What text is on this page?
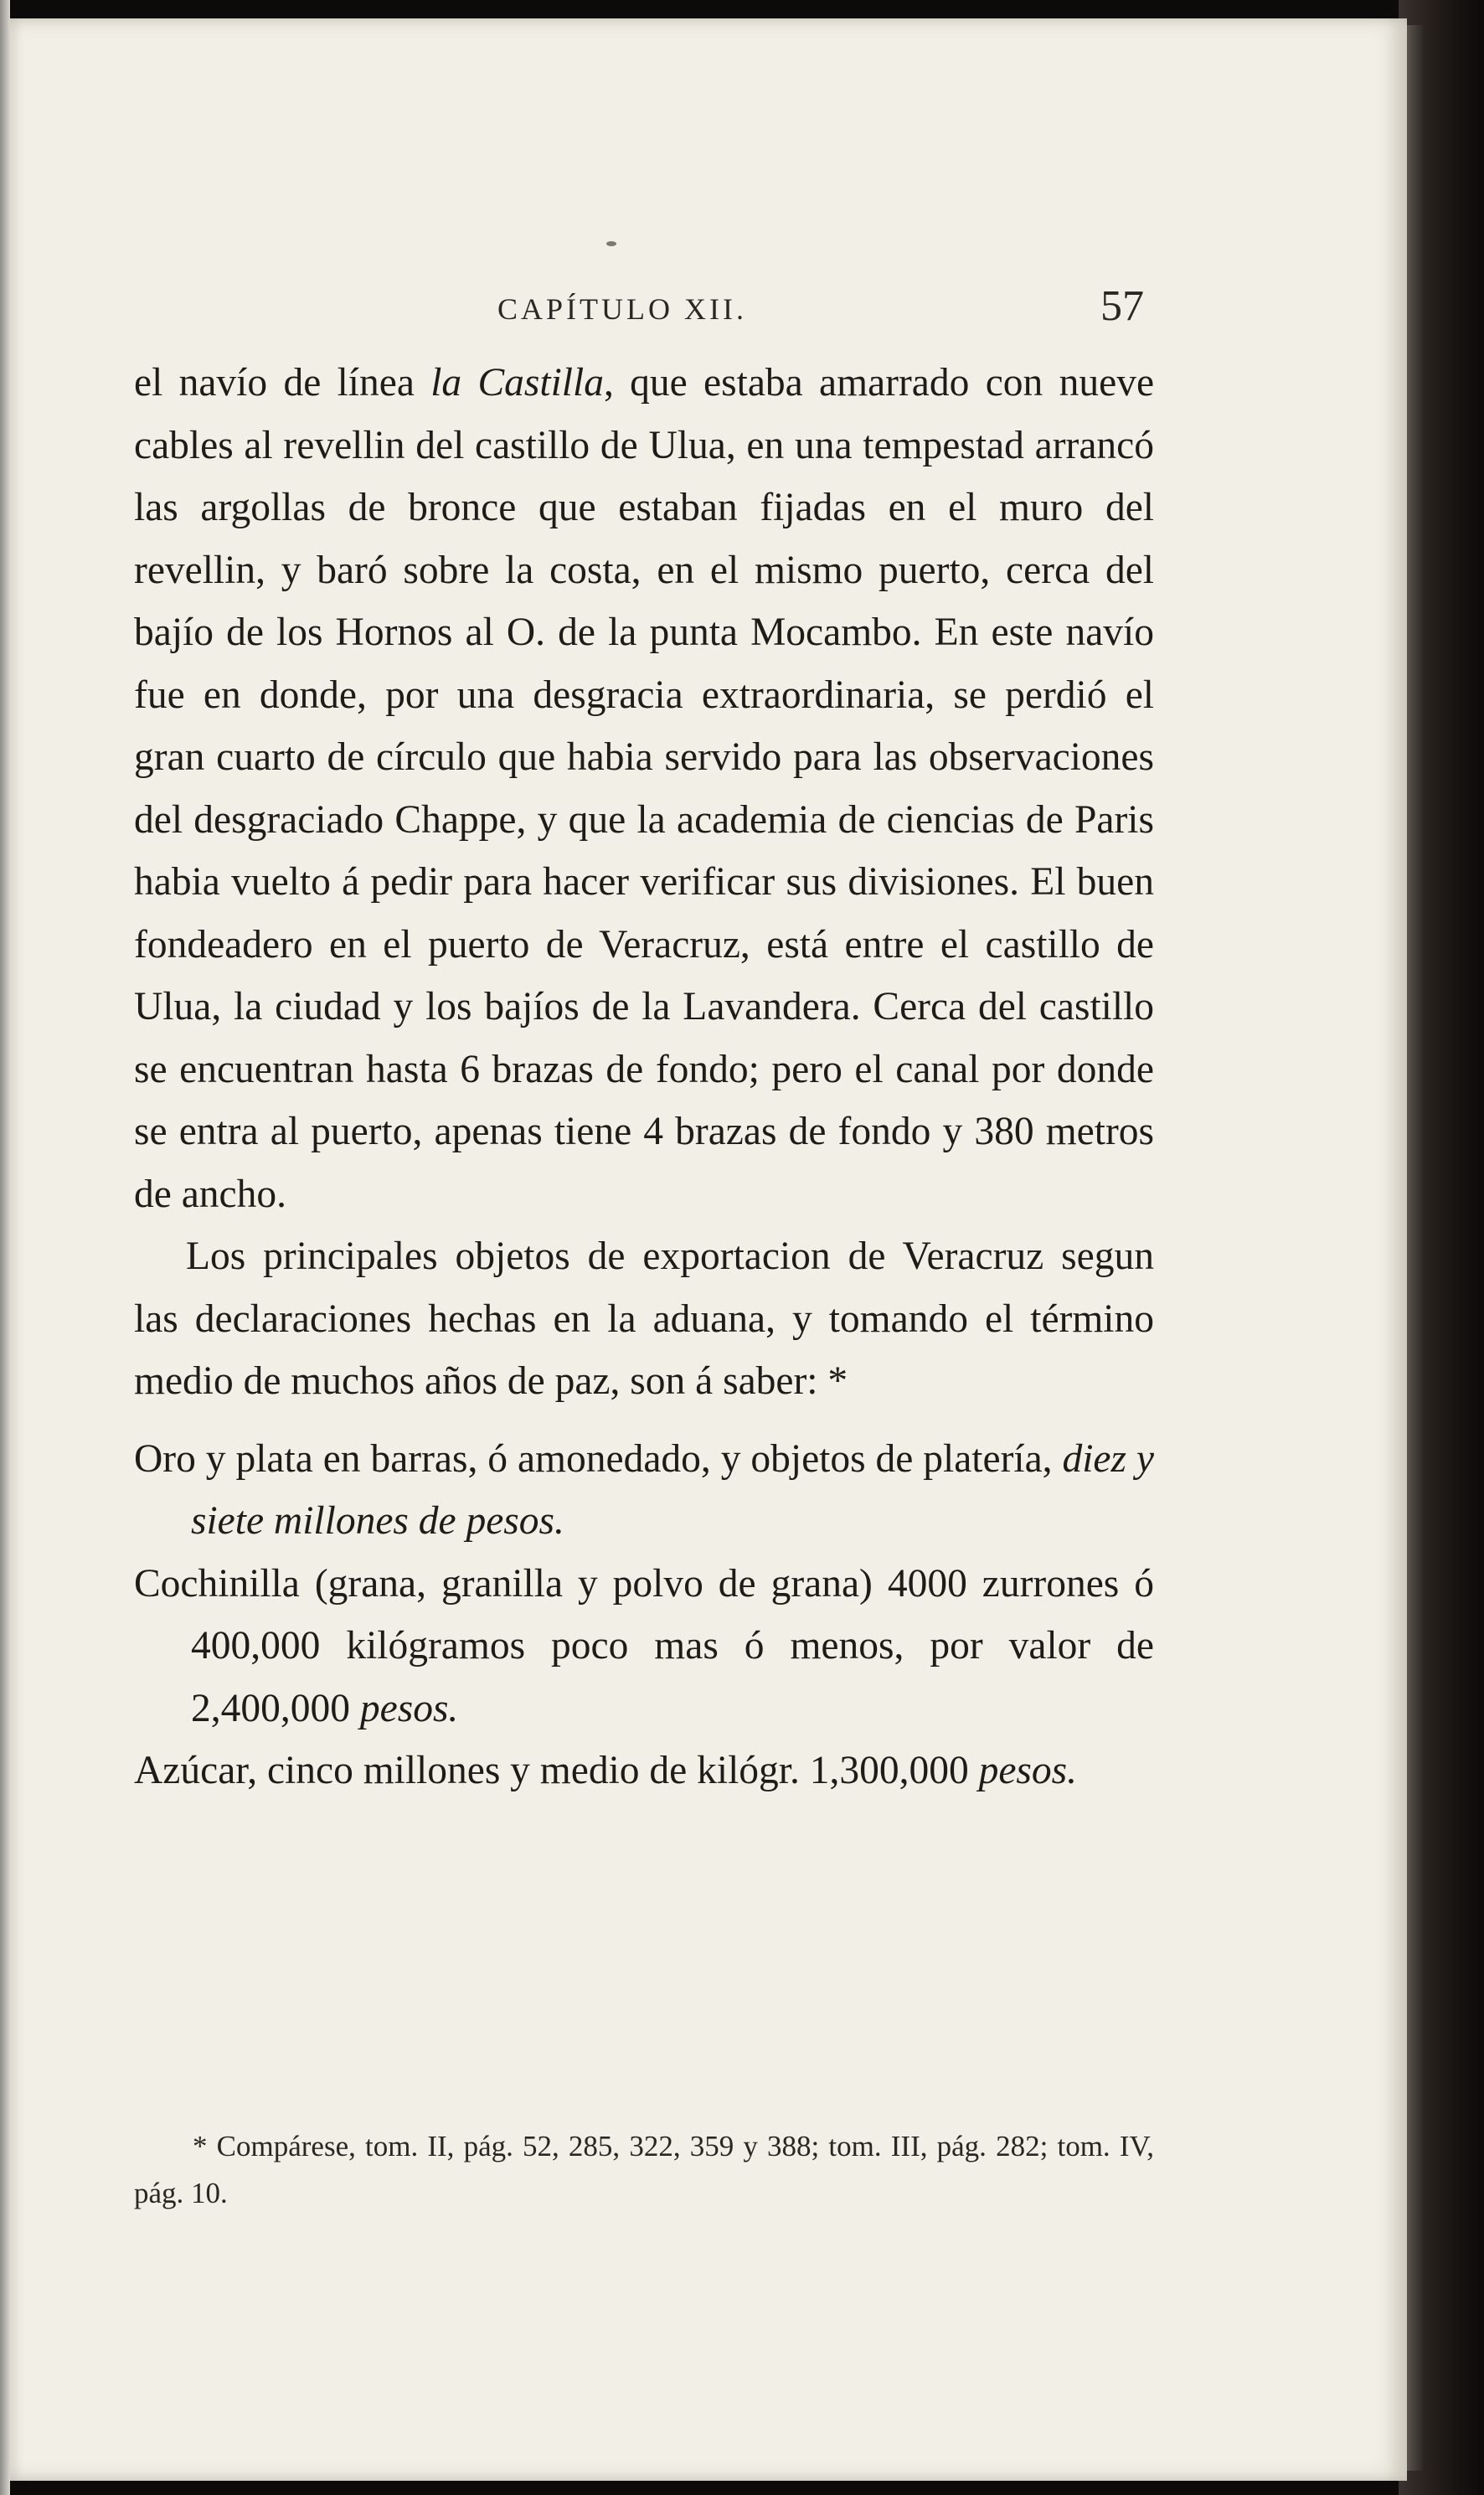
CAPÍTULO XII.	57

el navío de línea la Castilla, que estaba amarrado con nueve cables al revellin del castillo de Ulua, en una tempestad arrancó las argollas de bronce que estaban fijadas en el muro del revellin, y baró sobre la costa, en el mismo puerto, cerca del bajío de los Hornos al O. de la punta Mocambo. En este navío fue en donde, por una desgracia extraordinaria, se perdió el gran cuarto de círculo que habia servido para las observaciones del desgraciado Chappe, y que la academia de ciencias de Paris habia vuelto á pedir para hacer verificar sus divisiones. El buen fondeadero en el puerto de Veracruz, está entre el castillo de Ulua, la ciudad y los bajíos de la Lavandera. Cerca del castillo se encuentran hasta 6 brazas de fondo; pero el canal por donde se entra al puerto, apenas tiene 4 brazas de fondo y 380 metros de ancho.

Los principales objetos de exportacion de Veracruz segun las declaraciones hechas en la aduana, y tomando el término medio de muchos años de paz, son á saber: *

Oro y plata en barras, ó amonedado, y objetos de platería, diez y siete millones de pesos.

Cochinilla (grana, granilla y polvo de grana) 4000 zurrones ó 400,000 kilógramos poco mas ó menos, por valor de 2,400,000 pesos.

Azúcar, cinco millones y medio de kilógr. 1,300,000 pesos.

* Compárese, tom. II, pág. 52, 285, 322, 359 y 388; tom. III, pág. 282; tom. IV, pág. 10.
